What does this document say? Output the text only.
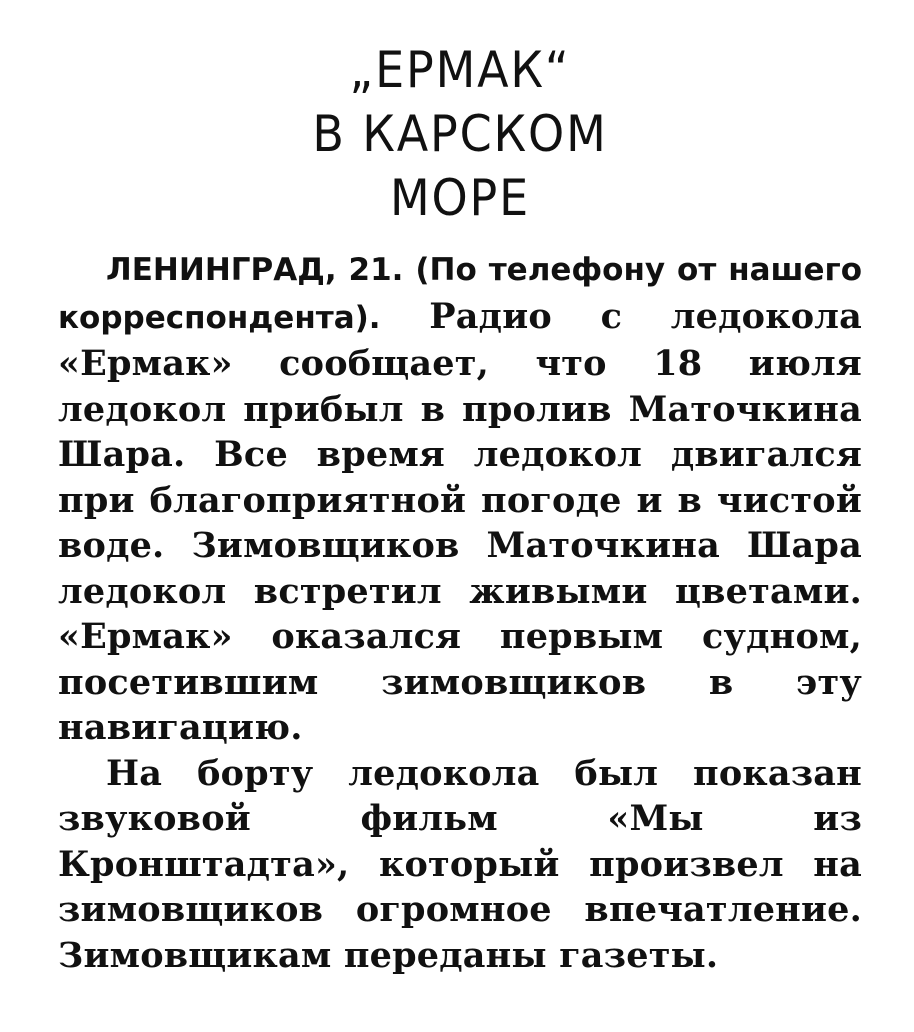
„ЕРМАК“
В КАРСКОМ
МОРЕ

ЛЕНИНГРАД, 21. (По телефону от нашего корреспондента). Радио с ледокола «Ермак» сообщает, что 18 июля ледокол прибыл в пролив Маточкина Шара. Все время ледокол двигался при благоприятной погоде и в чистой воде. Зимовщиков Маточкина Шара ледокол встретил живыми цветами. «Ермак» оказался первым судном, посетившим зимовщиков в эту навигацию.

На борту ледокола был показан звуковой фильм «Мы из Кронштадта», который произвел на зимовщиков огромное впечатление. Зимовщикам переданы газеты.
